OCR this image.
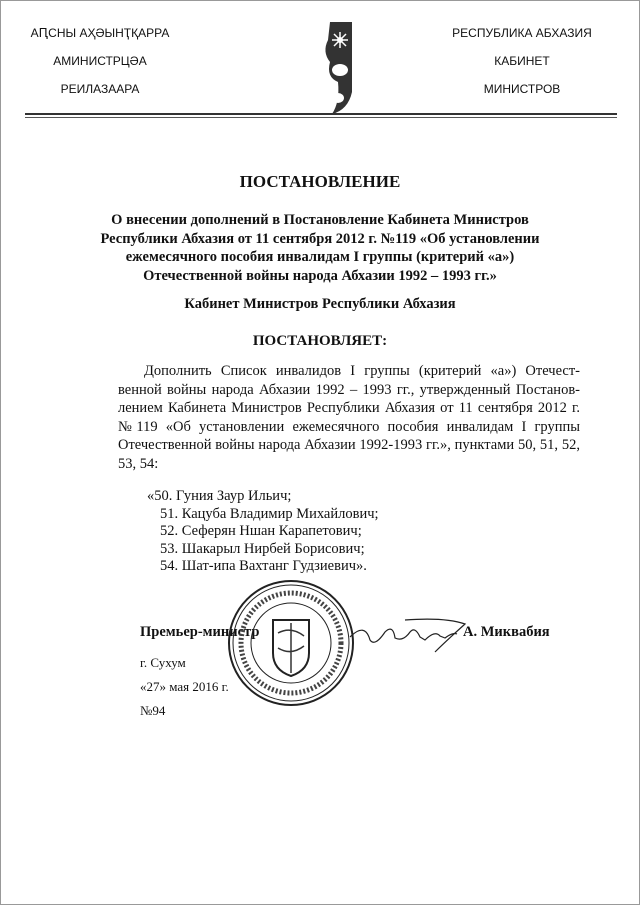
АԤСНЫ АҲӘЫНҬҚАРРА
АМИНИСТРЦӘА
РЕИЛАЗААРА
РЕСПУБЛИКА АБХАЗИЯ
КАБИНЕТ
МИНИСТРОВ
ПОСТАНОВЛЕНИЕ
О внесении дополнений в Постановление Кабинета Министров
Республики Абхазия от 11 сентября 2012 г. №119 «Об установлении
ежемесячного пособия инвалидам I группы (критерий «а»)
Отечественной войны народа Абхазии 1992 – 1993 гг.»
Кабинет Министров Республики Абхазия
ПОСТАНОВЛЯЕТ:
Дополнить Список инвалидов I группы (критерий «а») Отечест-
венной войны народа Абхазии 1992 – 1993 гг., утвержденный Постанов-
лением Кабинета Министров Республики Абхазия от 11 сентября 2012 г.
№119 «Об установлении ежемесячного пособия инвалидам I группы
Отечественной войны народа Абхазии 1992-1993 гг.», пунктами 50, 51, 52,
53, 54:
«50. Гуния Заур Ильич;
51. Кацуба Владимир Михайлович;
52. Сеферян Ншан Карапетович;
53. Шакарыл Нирбей Борисович;
54. Шат-ипа Вахтанг Гудзиевич».
Премьер-министр	А. Миквабия
г. Сухум
«27» мая 2016 г.
№94
